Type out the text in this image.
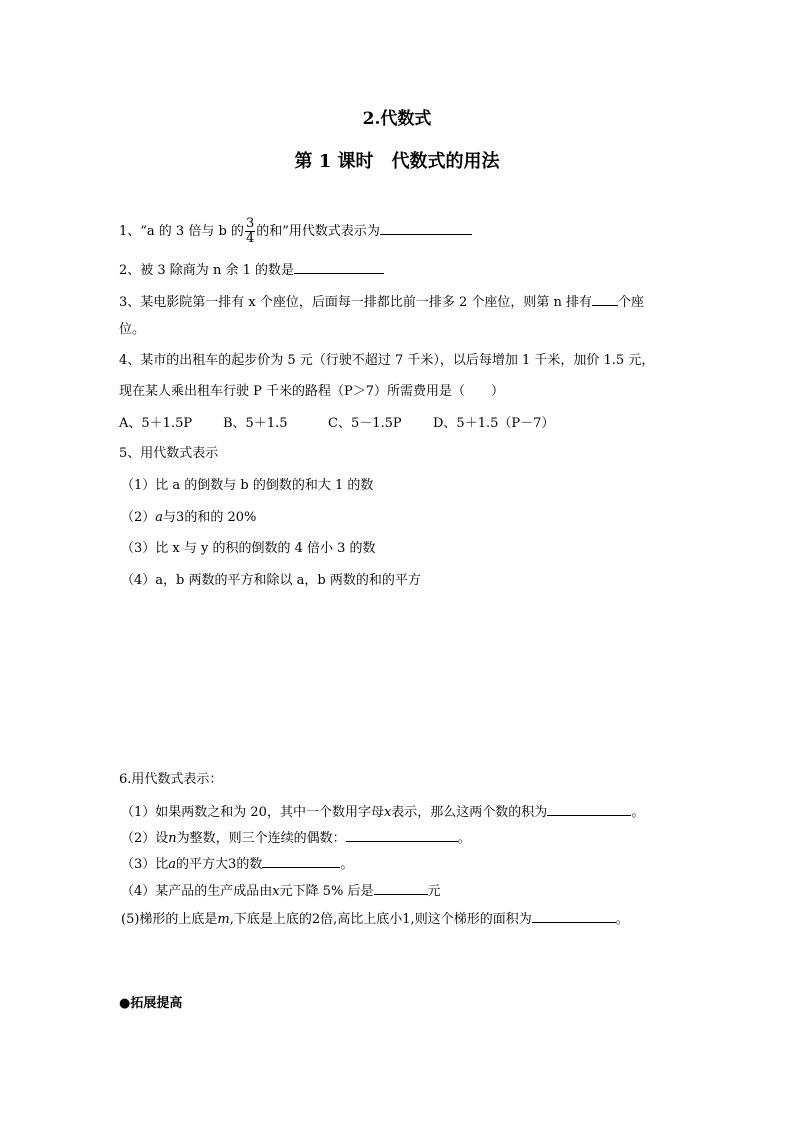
2.代数式
第 1 课时　代数式的用法
1、“a 的 3 倍与 b 的 $\frac{3}{4}$ 的和”用代数式表示为
2、被 3 除商为 n 余 1 的数是
3、某电影院第一排有 x 个座位，后面每一排都比前一排多 2 个座位，则第 n 排有 个座
位。
4、某市的出租车的起步价为 5 元（行驶不超过 7 千米），以后每增加 1 千米，加价 1.5 元，
现在某人乘出租车行驶 P 千米的路程（P＞7）所需费用是（　　）
A、5＋1.5P B、5＋1.5	C、5－1.5P D、5＋1.5（P－7）
5、用代数式表示
（1）比 a 的倒数与 b 的倒数的和大 1 的数
（2）a与3的和的 20%
（3）比 x 与 y 的积的倒数的 4 倍小 3 的数
（4）a，b 两数的平方和除以 a，b 两数的和的平方
6.用代数式表示：
（1）如果两数之和为 20，其中一个数用字母x表示，那么这两个数的积为	。
（2）设n为整数，则三个连续的偶数：	。
（3）比a的平方大3的数	。
（4）某产品的生产成品由x元下降 5% 后是	元
(5)梯形的上底是m,下底是上底的2倍,高比上底小1,则这个梯形的面积为	。
●拓展提高
